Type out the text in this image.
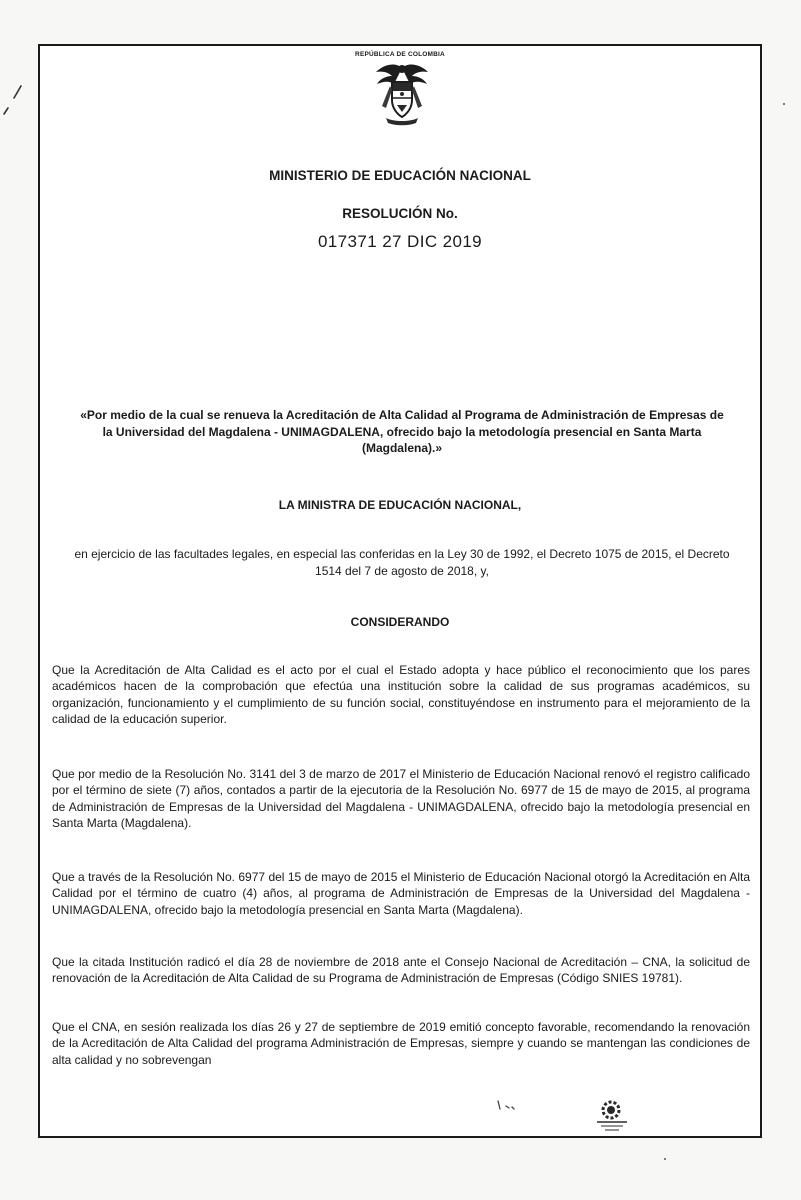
REPÚBLICA DE COLOMBIA
MINISTERIO DE EDUCACIÓN NACIONAL
RESOLUCIÓN No.
017371 27 DIC 2019
«Por medio de la cual se renueva la Acreditación de Alta Calidad al Programa de Administración de Empresas de la Universidad del Magdalena - UNIMAGDALENA, ofrecido bajo la metodología presencial en Santa Marta (Magdalena).»
LA MINISTRA DE EDUCACIÓN NACIONAL,
en ejercicio de las facultades legales, en especial las conferidas en la Ley 30 de 1992, el Decreto 1075 de 2015, el Decreto 1514 del 7 de agosto de 2018, y,
CONSIDERANDO

Que la Acreditación de Alta Calidad es el acto por el cual el Estado adopta y hace público el reconocimiento que los pares académicos hacen de la comprobación que efectúa una institución sobre la calidad de sus programas académicos, su organización, funcionamiento y el cumplimiento de su función social, constituyéndose en instrumento para el mejoramiento de la calidad de la educación superior.

Que por medio de la Resolución No. 3141 del 3 de marzo de 2017 el Ministerio de Educación Nacional renovó el registro calificado por el término de siete (7) años, contados a partir de la ejecutoria de la Resolución No. 6977 de 15 de mayo de 2015, al programa de Administración de Empresas de la Universidad del Magdalena - UNIMAGDALENA, ofrecido bajo la metodología presencial en Santa Marta (Magdalena).

Que a través de la Resolución No. 6977 del 15 de mayo de 2015 el Ministerio de Educación Nacional otorgó la Acreditación en Alta Calidad por el término de cuatro (4) años, al programa de Administración de Empresas de la Universidad del Magdalena - UNIMAGDALENA, ofrecido bajo la metodología presencial en Santa Marta (Magdalena).

Que la citada Institución radicó el día 28 de noviembre de 2018 ante el Consejo Nacional de Acreditación – CNA, la solicitud de renovación de la Acreditación de Alta Calidad de su Programa de Administración de Empresas (Código SNIES 19781).

Que el CNA, en sesión realizada los días 26 y 27 de septiembre de 2019 emitió concepto favorable, recomendando la renovación de la Acreditación de Alta Calidad del programa Administración de Empresas, siempre y cuando se mantengan las condiciones de alta calidad y no sobrevengan
